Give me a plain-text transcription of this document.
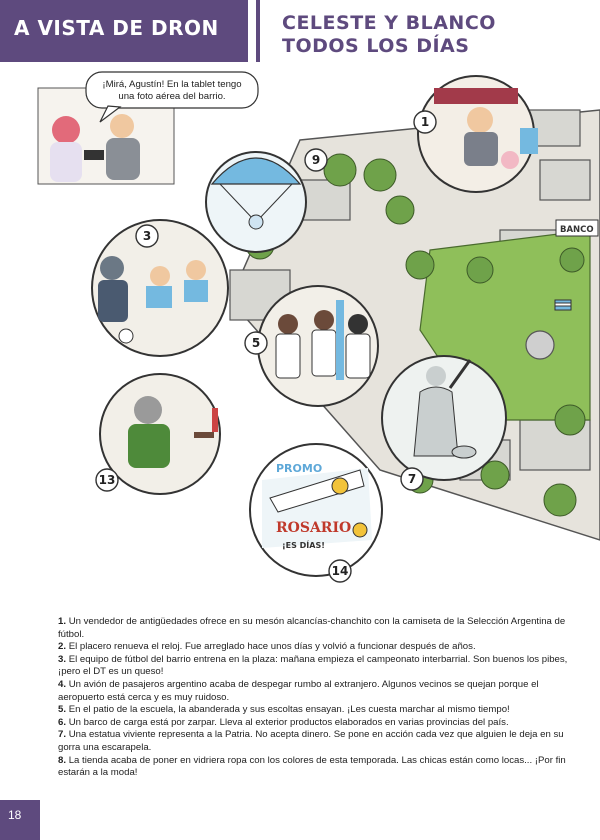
A VISTA DE DRON	CELESTE Y BLANCO
TODOS LOS DÍAS
BANCO
¡Mirá, Agustín! En la tablet tengo
una foto aérea del barrio.
PROMO
ROSARIO
¡ES DÍAS!
1
9
3
5
7
13
14

1. Un vendedor de antigüedades ofrece en su mesón alcancías-chanchito con la camiseta de la Selección Argentina de fútbol.

2. El placero renueva el reloj. Fue arreglado hace unos días y volvió a funcionar después de años.

3. El equipo de fútbol del barrio entrena en la plaza: mañana empieza el campeonato interbarrial. Son buenos los pibes, ¡pero el DT es un queso!

4. Un avión de pasajeros argentino acaba de despegar rumbo al extranjero. Algunos vecinos se quejan porque el aeropuerto está cerca y es muy ruidoso.

5. En el patio de la escuela, la abanderada y sus escoltas ensayan. ¡Les cuesta marchar al mismo tiempo!

6. Un barco de carga está por zarpar. Lleva al exterior productos elaborados en varias provincias del país.

7. Una estatua viviente representa a la Patria. No acepta dinero. Se pone en acción cada vez que alguien le deja en su gorra una escarapela.

8. La tienda acaba de poner en vidriera ropa con los colores de esta temporada. Las chicas están como locas... ¡Por fin estarán a la moda!

18
